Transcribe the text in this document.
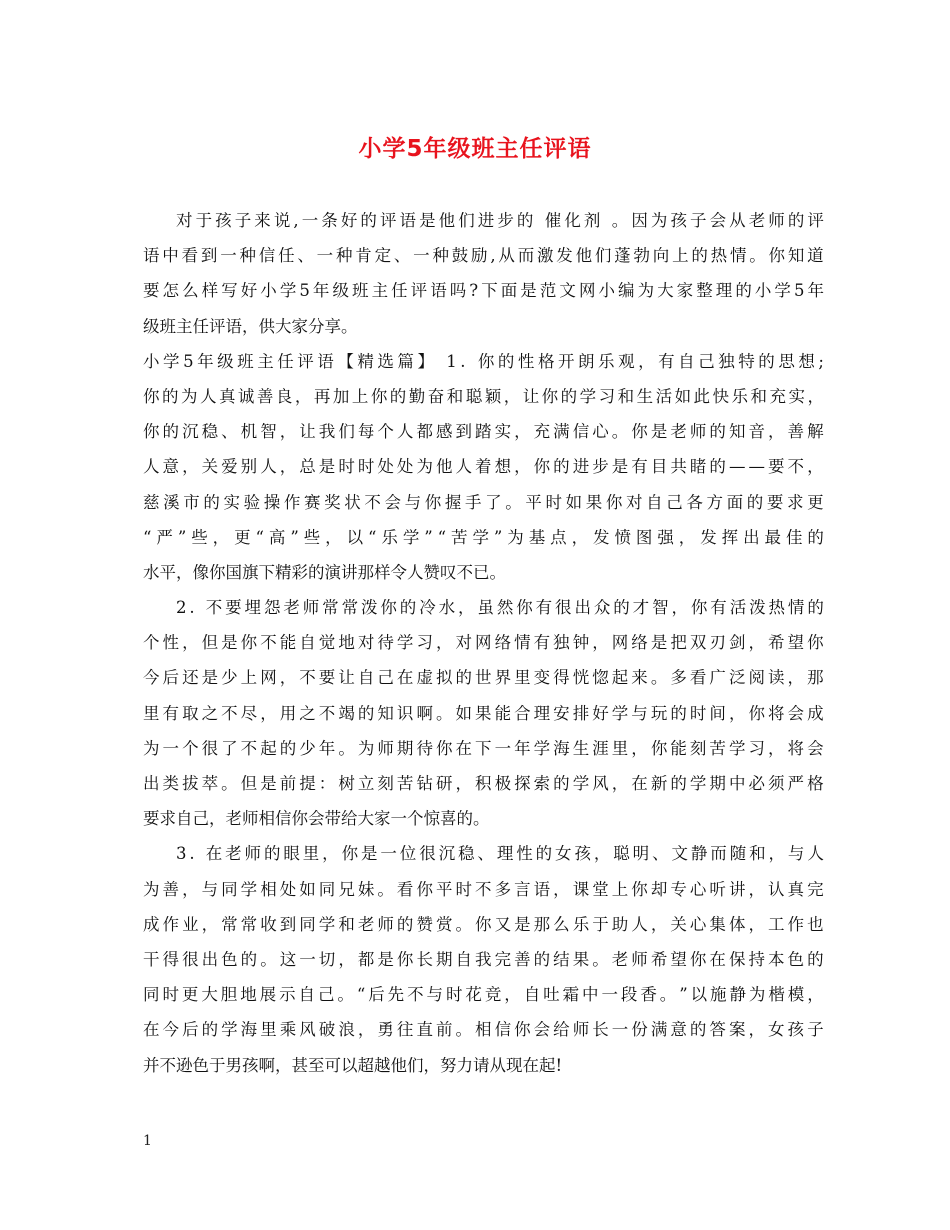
小学5年级班主任评语
对 于 孩 子 来 说 , 一 条 好 的 评 语 是 他 们 进 步 的
催 化 剂
。 因 为 孩 子 会 从 老 师 的 评
语 中 看 到 一 种 信 任 、 一 种 肯 定 、 一 种 鼓 励 , 从 而 激 发 他 们 蓬 勃 向 上 的 热 情 。 你 知 道
要 怎 么 样 写 好 小 学 5 年 级 班 主 任 评 语 吗 ? 下 面 是 范 文 网 小 编 为 大 家 整 理 的 小 学 5 年
级班主任评语，供大家分享。
小 学 5 年 级 班 主 任 评 语 【 精 选 篇 】
1 .
你 的 性 格 开 朗 乐 观 ， 有 自 己 独 特 的 思 想 ;
你 的 为 人 真 诚 善 良 ， 再 加 上 你 的 勤 奋 和 聪 颖 ， 让 你 的 学 习 和 生 活 如 此 快 乐 和 充 实 ，
你 的 沉 稳 、 机 智 ， 让 我 们 每 个 人 都 感 到 踏 实 ， 充 满 信 心 。 你 是 老 师 的 知 音 ， 善 解
人 意 ， 关 爱 别 人 ， 总 是 时 时 处 处 为 他 人 着 想 ， 你 的 进 步 是 有 目 共 睹 的 — — 要 不 ，
慈 溪 市 的 实 验 操 作 赛 奖 状 不 会 与 你 握 手 了 。 平 时 如 果 你 对 自 己 各 方 面 的 要 求 更
“ 严 ” 些 ， 更 “ 高 ” 些 ， 以 “ 乐 学 ” “ 苦 学 ” 为 基 点 ， 发 愤 图 强 ， 发 挥 出 最 佳 的
水平，像你国旗下精彩的演讲那样令人赞叹不已。
2 .
不 要 埋 怨 老 师 常 常 泼 你 的 冷 水 ， 虽 然 你 有 很 出 众 的 才 智 ， 你 有 活 泼 热 情 的
个 性 ， 但 是 你 不 能 自 觉 地 对 待 学 习 ， 对 网 络 情 有 独 钟 ， 网 络 是 把 双 刃 剑 ， 希 望 你
今 后 还 是 少 上 网 ， 不 要 让 自 己 在 虚 拟 的 世 界 里 变 得 恍 惚 起 来 。 多 看 广 泛 阅 读 ， 那
里 有 取 之 不 尽 ， 用 之 不 竭 的 知 识 啊 。 如 果 能 合 理 安 排 好 学 与 玩 的 时 间 ， 你 将 会 成
为 一 个 很 了 不 起 的 少 年 。 为 师 期 待 你 在 下 一 年 学 海 生 涯 里 ， 你 能 刻 苦 学 习 ， 将 会
出 类 拔 萃 。 但 是 前 提 ： 树 立 刻 苦 钻 研 ， 积 极 探 索 的 学 风 ， 在 新 的 学 期 中 必 须 严 格
要求自己，老师相信你会带给大家一个惊喜的。
3 .
在 老 师 的 眼 里 ， 你 是 一 位 很 沉 稳 、 理 性 的 女 孩 ， 聪 明 、 文 静 而 随 和 ， 与 人
为 善 ， 与 同 学 相 处 如 同 兄 妹 。 看 你 平 时 不 多 言 语 ， 课 堂 上 你 却 专 心 听 讲 ， 认 真 完
成 作 业 ， 常 常 收 到 同 学 和 老 师 的 赞 赏 。 你 又 是 那 么 乐 于 助 人 ， 关 心 集 体 ， 工 作 也
干 得 很 出 色 的 。 这 一 切 ， 都 是 你 长 期 自 我 完 善 的 结 果 。 老 师 希 望 你 在 保 持 本 色 的
同 时 更 大 胆 地 展 示 自 己 。 “ 后 先 不 与 时 花 竞 ， 自 吐 霜 中 一 段 香 。 ” 以 施 静 为 楷 模 ，
在 今 后 的 学 海 里 乘 风 破 浪 ， 勇 往 直 前 。 相 信 你 会 给 师 长 一 份 满 意 的 答 案 ， 女 孩 子
并不逊色于男孩啊，甚至可以超越他们，努力请从现在起!
1
